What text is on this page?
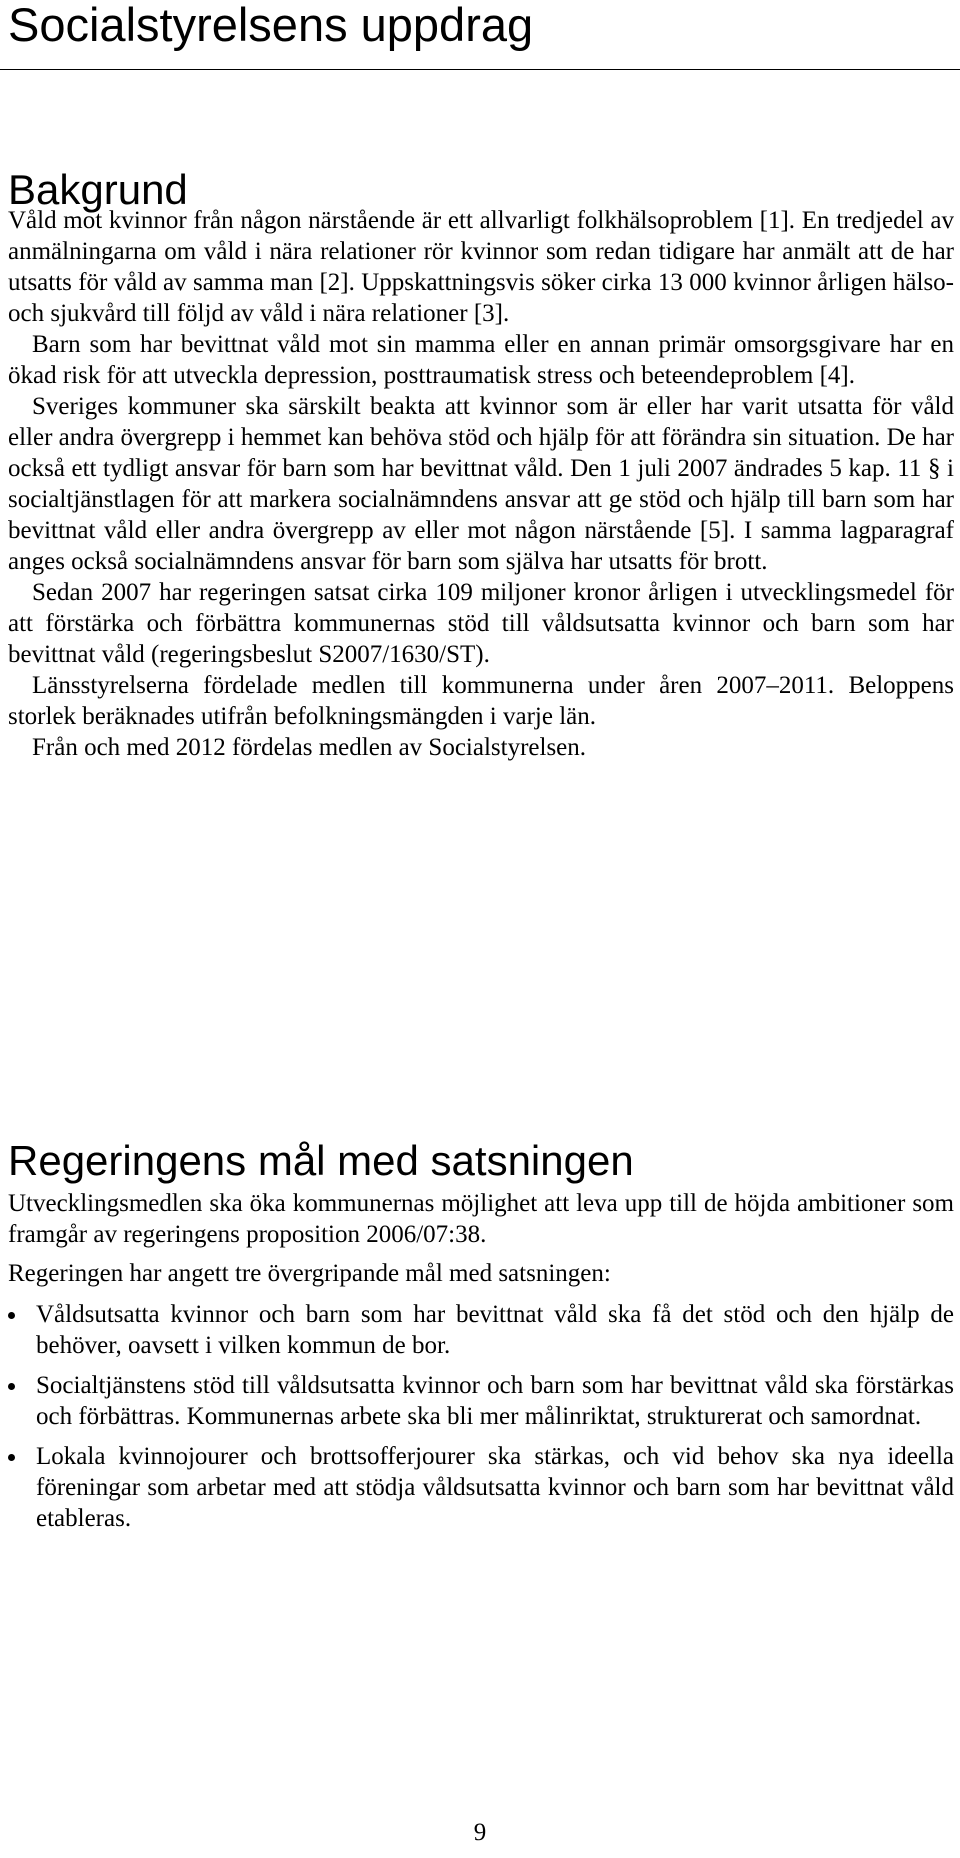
Socialstyrelsens uppdrag
Bakgrund

Våld mot kvinnor från någon närstående är ett allvarligt folkhälsoproblem [1]. En tredjedel av anmälningarna om våld i nära relationer rör kvinnor som redan tidigare har anmält att de har utsatts för våld av samma man [2]. Uppskattningsvis söker cirka 13 000 kvinnor årligen hälso- och sjukvård till följd av våld i nära relationer [3].

Barn som har bevittnat våld mot sin mamma eller en annan primär omsorgsgivare har en ökad risk för att utveckla depression, posttraumatisk stress och beteendeproblem [4].

Sveriges kommuner ska särskilt beakta att kvinnor som är eller har varit utsatta för våld eller andra övergrepp i hemmet kan behöva stöd och hjälp för att förändra sin situation. De har också ett tydligt ansvar för barn som har bevittnat våld. Den 1 juli 2007 ändrades 5 kap. 11 § i socialtjänstlagen för att markera socialnämndens ansvar att ge stöd och hjälp till barn som har bevittnat våld eller andra övergrepp av eller mot någon närstående [5]. I samma lagparagraf anges också socialnämndens ansvar för barn som själva har utsatts för brott.

Sedan 2007 har regeringen satsat cirka 109 miljoner kronor årligen i utvecklingsmedel för att förstärka och förbättra kommunernas stöd till våldsutsatta kvinnor och barn som har bevittnat våld (regeringsbeslut S2007/1630/ST).

Länsstyrelserna fördelade medlen till kommunerna under åren 2007–2011. Beloppens storlek beräknades utifrån befolkningsmängden i varje län.

Från och med 2012 fördelas medlen av Socialstyrelsen.

Regeringens mål med satsningen

Utvecklingsmedlen ska öka kommunernas möjlighet att leva upp till de höjda ambitioner som framgår av regeringens proposition 2006/07:38.

Regeringen har angett tre övergripande mål med satsningen:

Våldsutsatta kvinnor och barn som har bevittnat våld ska få det stöd och den hjälp de behöver, oavsett i vilken kommun de bor.
Socialtjänstens stöd till våldsutsatta kvinnor och barn som har bevittnat våld ska förstärkas och förbättras. Kommunernas arbete ska bli mer målinriktat, strukturerat och samordnat.
Lokala kvinnojourer och brottsofferjourer ska stärkas, och vid behov ska nya ideella föreningar som arbetar med att stödja våldsutsatta kvinnor och barn som har bevittnat våld etableras.
9
